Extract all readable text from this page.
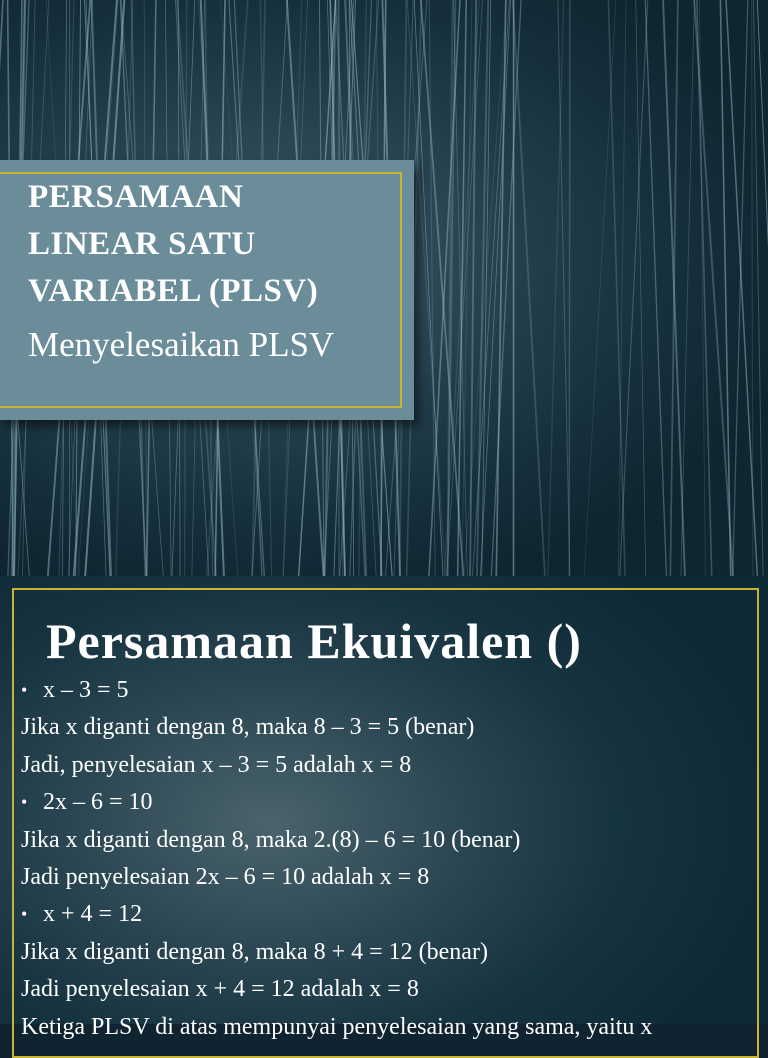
PERSAMAAN
LINEAR SATU
VARIABEL (PLSV)
Menyelesaikan PLSV
Persamaan Ekuivalen ()
• x – 3 = 5
Jika x diganti dengan 8, maka 8 – 3 = 5 (benar)
Jadi, penyelesaian x – 3 = 5 adalah x = 8
• 2x – 6 = 10
Jika x diganti dengan 8, maka 2.(8) – 6 = 10 (benar)
Jadi penyelesaian 2x – 6 = 10 adalah x = 8
• x + 4 = 12
Jika x diganti dengan 8, maka 8 + 4 = 12 (benar)
Jadi penyelesaian x + 4 = 12 adalah x = 8
Ketiga PLSV di atas mempunyai penyelesaian yang sama, yaitu x
